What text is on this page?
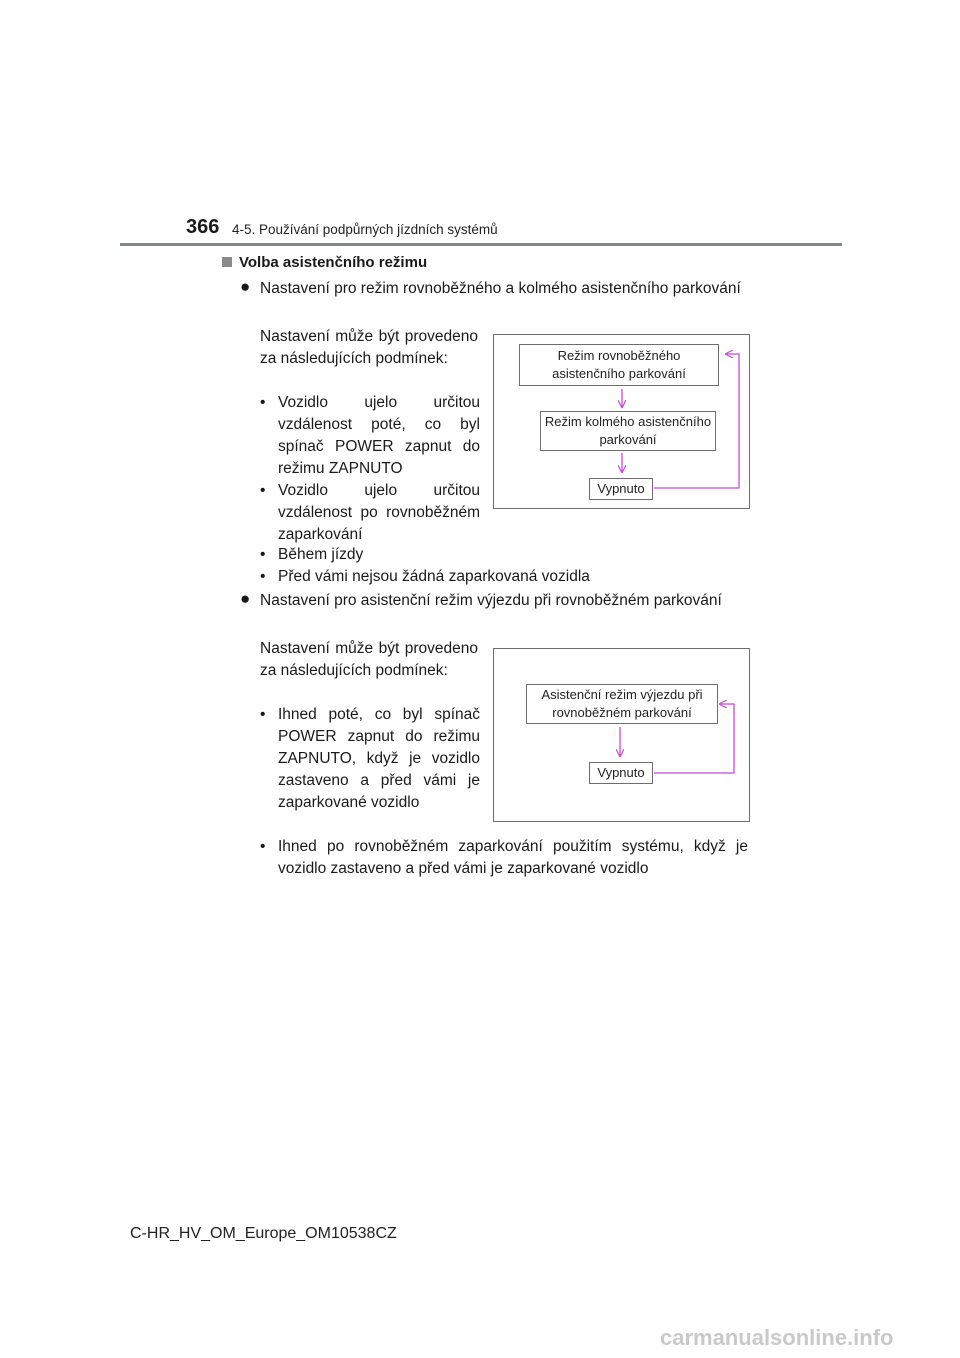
366 4-5. Používání podpůrných jízdních systémů
Volba asistenčního režimu
● Nastavení pro režim rovnoběžného a kolmého asistenčního parkování
Nastavení může být provedeno za následujících podmínek:
• Vozidlo ujelo určitou vzdálenost poté, co byl spínač POWER zapnut do režimu ZAPNUTO
• Vozidlo ujelo určitou vzdálenost po rovnoběžném zaparkování
• Během jízdy
• Před vámi nejsou žádná zaparkovaná vozidla
Režim rovnoběžného asistenčního parkování
Režim kolmého asistenčního parkování
Vypnuto
● Nastavení pro asistenční režim výjezdu při rovnoběžném parkování
Nastavení může být provedeno za následujících podmínek:
• Ihned poté, co byl spínač POWER zapnut do režimu ZAPNUTO, když je vozidlo zastaveno a před vámi je zaparkované vozidlo
• Ihned po rovnoběžném zaparkování použitím systému, když je vozidlo zastaveno a před vámi je zaparkované vozidlo
Asistenční režim výjezdu při rovnoběžném parkování
Vypnuto
C-HR_HV_OM_Europe_OM10538CZ
carmanualsonline.info
